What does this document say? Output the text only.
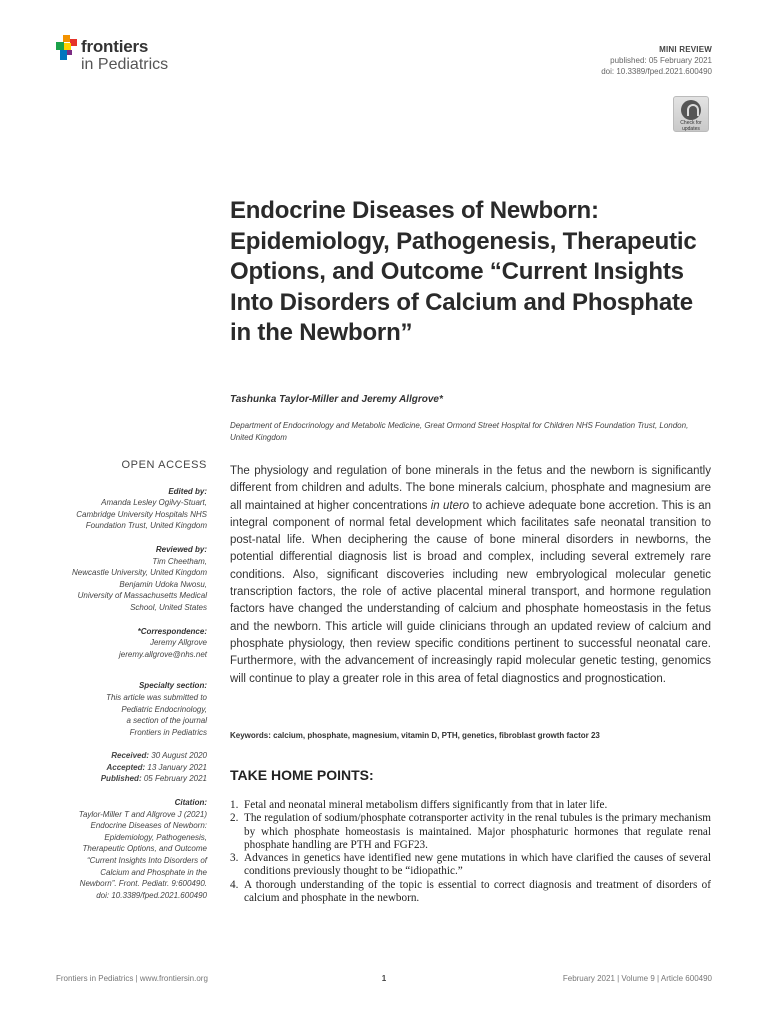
frontiers
in Pediatrics
MINI REVIEW
published: 05 February 2021
doi: 10.3389/fped.2021.600490
Check for
updates
Endocrine Diseases of Newborn: Epidemiology, Pathogenesis, Therapeutic Options, and Outcome “Current Insights Into Disorders of Calcium and Phosphate in the Newborn”
Tashunka Taylor-Miller and Jeremy Allgrove*
Department of Endocrinology and Metabolic Medicine, Great Ormond Street Hospital for Children NHS Foundation Trust, London, United Kingdom
OPEN ACCESS
Edited by:
Amanda Lesley Ogilvy-Stuart,
Cambridge University Hospitals NHS
Foundation Trust, United Kingdom
Reviewed by:
Tim Cheetham,
Newcastle University, United Kingdom
Benjamin Udoka Nwosu,
University of Massachusetts Medical
School, United States
*Correspondence:
Jeremy Allgrove
jeremy.allgrove@nhs.net
Specialty section:
This article was submitted to
Pediatric Endocrinology,
a section of the journal
Frontiers in Pediatrics
Received: 30 August 2020
Accepted: 13 January 2021
Published: 05 February 2021
Citation:
Taylor-Miller T and Allgrove J (2021)
Endocrine Diseases of Newborn:
Epidemiology, Pathogenesis,
Therapeutic Options, and Outcome
“Current Insights Into Disorders of
Calcium and Phosphate in the
Newborn”. Front. Pediatr. 9:600490.
doi: 10.3389/fped.2021.600490

The physiology and regulation of bone minerals in the fetus and the newborn is significantly different from children and adults. The bone minerals calcium, phosphate and magnesium are all maintained at higher concentrations in utero to achieve adequate bone accretion. This is an integral component of normal fetal development which facilitates safe neonatal transition to post-natal life. When deciphering the cause of bone mineral disorders in newborns, the potential differential diagnosis list is broad and complex, including several extremely rare conditions. Also, significant discoveries including new embryological molecular genetic transcription factors, the role of active placental mineral transport, and hormone regulation factors have changed the understanding of calcium and phosphate homeostasis in the fetus and the newborn. This article will guide clinicians through an updated review of calcium and phosphate physiology, then review specific conditions pertinent to successful neonatal care. Furthermore, with the advancement of increasingly rapid molecular genetic testing, genomics will continue to play a greater role in this area of fetal diagnostics and prognostication.

Keywords: calcium, phosphate, magnesium, vitamin D, PTH, genetics, fibroblast growth factor 23
TAKE HOME POINTS:
1. Fetal and neonatal mineral metabolism differs significantly from that in later life.
2. The regulation of sodium/phosphate cotransporter activity in the renal tubules is the primary mechanism by which phosphate homeostasis is maintained. Major phosphaturic hormones that regulate renal phosphate handling are PTH and FGF23.
3. Advances in genetics have identified new gene mutations in which have clarified the causes of several conditions previously thought to be “idiopathic.”
4. A thorough understanding of the topic is essential to correct diagnosis and treatment of disorders of calcium and phosphate in the newborn.
Frontiers in Pediatrics | www.frontiersin.org	1	February 2021 | Volume 9 | Article 600490
